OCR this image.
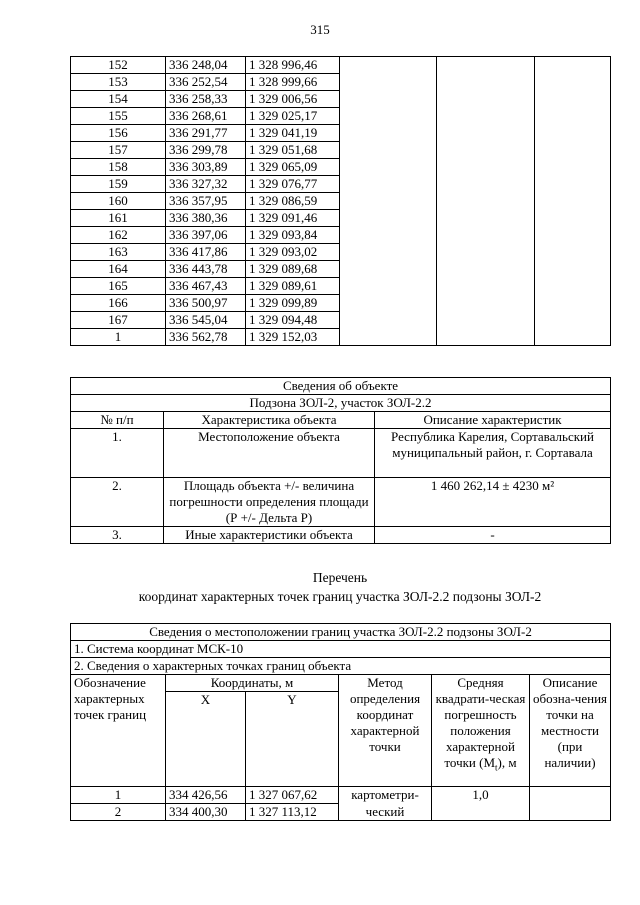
315
152	336 248,04	1 328 996,46			
153	336 252,54	1 328 999,66			
154	336 258,33	1 329 006,56			
155	336 268,61	1 329 025,17			
156	336 291,77	1 329 041,19			
157	336 299,78	1 329 051,68			
158	336 303,89	1 329 065,09			
159	336 327,32	1 329 076,77			
160	336 357,95	1 329 086,59			
161	336 380,36	1 329 091,46			
162	336 397,06	1 329 093,84			
163	336 417,86	1 329 093,02			
164	336 443,78	1 329 089,68			
165	336 467,43	1 329 089,61			
166	336 500,97	1 329 099,89			
167	336 545,04	1 329 094,48			
1	336 562,78	1 329 152,03			
Сведения об объекте		
Подзона ЗОЛ-2, участок ЗОЛ-2.2		
№ п/п	Характеристика объекта	Описание характеристик
1.	Местоположение объекта	Республика Карелия, Сортавальский муниципальный район, г. Сортавала
2.	Площадь объекта +/- величина погрешности определения площади (Р +/- Дельта Р)	1 460 262,14 ± 4230 м²
3.	Иные характеристики объекта	-
Перечень
координат характерных точек границ участка ЗОЛ-2.2 подзоны ЗОЛ-2
Сведения о местоположении границ участка ЗОЛ-2.2 подзоны ЗОЛ-2					
1. Система координат МСК-10					
2. Сведения о характерных точках границ объекта					
Обозначение характерных точек границ	Координаты, м		Метод определения координат характерной точки	Средняя квадрати-ческая погрешность положения характерной точки $(M_t)$, м	Описание обозна-чения точки на местности (при наличии)
	X	Y			
1	334 426,56	1 327 067,62	картометри-	1,0	
2	334 400,30	1 327 113,12	ческий		
